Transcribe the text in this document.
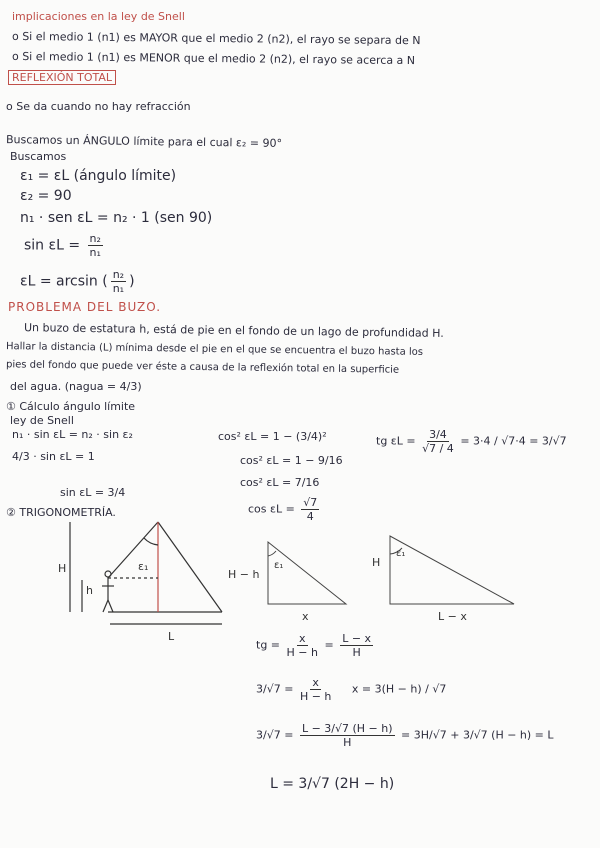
implicaciones en la ley de Snell
o Si el medio 1 (n1) es MAYOR que el medio 2 (n2), el rayo se separa de N
o Si el medio 1 (n1) es MENOR que el medio 2 (n2), el rayo se acerca a N
REFLEXIÓN TOTAL
o Se da cuando no hay refracción
Buscamos un ÁNGULO límite para el cual ε₂ = 90°
Buscamos
ε₁ = εL (ángulo límite)
ε₂ = 90
n₁ · sen εL = n₂ · 1 (sen 90)
$\sin \varepsilon L = \frac{\text{n₂}}{\text{n₁}}$
εL = arcsin ( $\frac{\text{n₂}}{\text{n₁}}$ )
PROBLEMA DEL BUZO.
Un buzo de estatura h, está de pie en el fondo de un lago de profundidad H.
Hallar la distancia (L) mínima desde el pie en el que se encuentra el buzo hasta los
pies del fondo que puede ver éste a causa de la reflexión total en la superficie
del agua. (nagua = 4/3)
① Cálculo ángulo límite
ley de Snell
n₁ · sin εL = n₂ · sin ε₂
4/3 · sin εL = 1
sin εL = 3/4
cos² εL = 1 − (3/4)²
cos² εL = 1 − 9/16
cos² εL = 7/16
$\cos \varepsilon L = \frac{√7}{4}$
tg $\varepsilon L = \frac{3/4}{√7 / 4} = 3\cdot 4 / √7\cdot 4 = 3/√7$
② TRIGONOMETRÍA.
H
h
ε₁
L
H − h
x
ε₁	H
L − x
ε₁
tg = $\frac{x}{H - h} = \frac{L - x}{H}$
$3/√7 = \frac{x}{H - h}$ x = 3(H − h) / √7
$3/√7 = \frac{L - 3/√7 (H - h)}{H} = 3H/√7 + 3/√7$ (H − h) = L
L = 3/√7 (2H − h)
